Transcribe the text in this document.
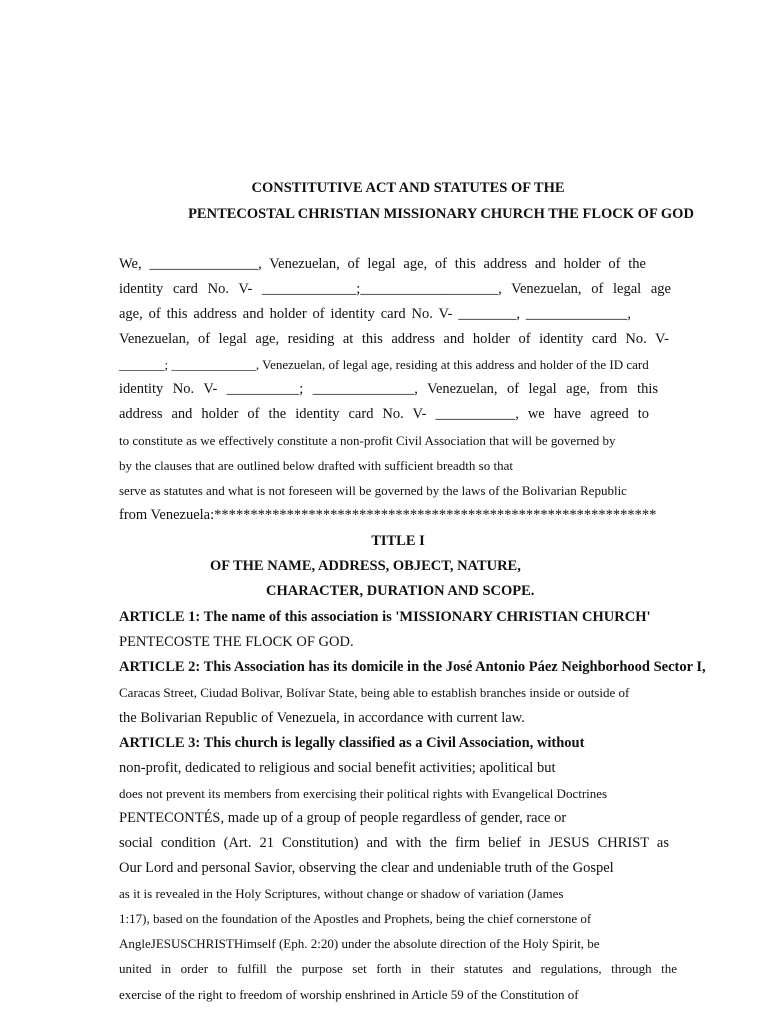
CONSTITUTIVE ACT AND STATUTES OF THE
PENTECOSTAL CHRISTIAN MISSIONARY CHURCH THE FLOCK OF GOD
We, _______________, Venezuelan, of legal age, of this address and holder of the
identity card No. V- _____________;___________________, Venezuelan, of legal age
age, of this address and holder of identity card No. V- ________, ______________,
Venezuelan, of legal age, residing at this address and holder of identity card No. V-
_______; _____________, Venezuelan, of legal age, residing at this address and holder of the ID card
identity No. V- __________; ______________, Venezuelan, of legal age, from this
address and holder of the identity card No. V- ___________, we have agreed to
to constitute as we effectively constitute a non-profit Civil Association that will be governed by
by the clauses that are outlined below drafted with sufficient breadth so that
serve as statutes and what is not foreseen will be governed by the laws of the Bolivarian Republic
from Venezuela:*************************************************************
TITLE I
OF THE NAME, ADDRESS, OBJECT, NATURE,
CHARACTER, DURATION AND SCOPE.
ARTICLE 1: The name of this association is 'MISSIONARY CHRISTIAN CHURCH'
PENTECOSTE THE FLOCK OF GOD.
ARTICLE 2: This Association has its domicile in the José Antonio Páez Neighborhood Sector I,
Caracas Street, Ciudad Bolivar, Bolívar State, being able to establish branches inside or outside of
the Bolivarian Republic of Venezuela, in accordance with current law.
ARTICLE 3: This church is legally classified as a Civil Association, without
non-profit, dedicated to religious and social benefit activities; apolitical but
does not prevent its members from exercising their political rights with Evangelical Doctrines
PENTECONTÉS, made up of a group of people regardless of gender, race or
social condition (Art. 21 Constitution) and with the firm belief in JESUS CHRIST as
Our Lord and personal Savior, observing the clear and undeniable truth of the Gospel
as it is revealed in the Holy Scriptures, without change or shadow of variation (James
1:17), based on the foundation of the Apostles and Prophets, being the chief cornerstone of
AngleJESUSCHRISTHimself (Eph. 2:20) under the absolute direction of the Holy Spirit, be
united in order to fulfill the purpose set forth in their statutes and regulations, through the
exercise of the right to freedom of worship enshrined in Article 59 of the Constitution of
